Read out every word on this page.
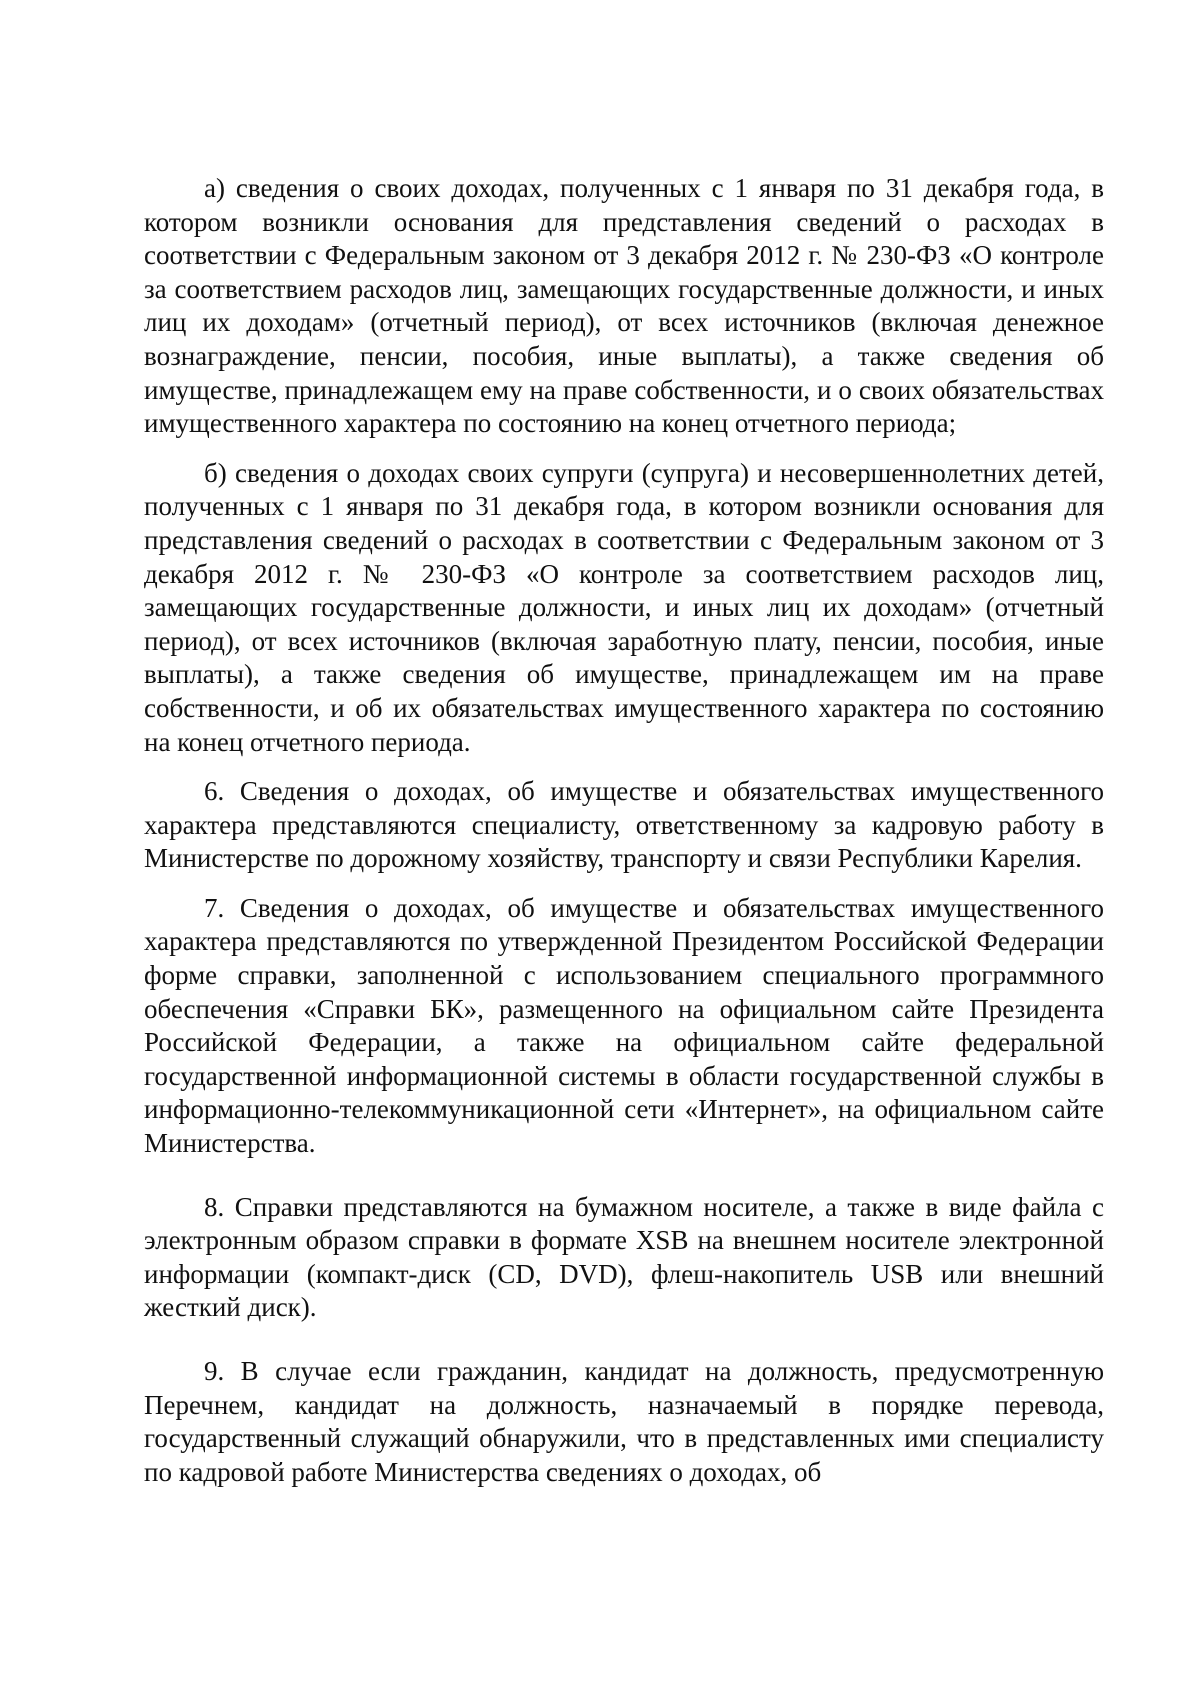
а) сведения о своих доходах, полученных с 1 января по 31 декабря года, в котором возникли основания для представления сведений о расходах в соответствии с Федеральным законом от 3 декабря 2012 г. № 230-ФЗ «О контроле за соответствием расходов лиц, замещающих государственные должности, и иных лиц их доходам» (отчетный период), от всех источников (включая денежное вознаграждение, пенсии, пособия, иные выплаты), а также сведения об имуществе, принадлежащем ему на праве собственности, и о своих обязательствах имущественного характера по состоянию на конец отчетного периода;

б) сведения о доходах своих супруги (супруга) и несовершеннолетних детей, полученных с 1 января по 31 декабря года, в котором возникли основания для представления сведений о расходах в соответствии с Федеральным законом от 3 декабря 2012 г. № 230-ФЗ «О контроле за соответствием расходов лиц, замещающих государственные должности, и иных лиц их доходам» (отчетный период), от всех источников (включая заработную плату, пенсии, пособия, иные выплаты), а также сведения об имуществе, принадлежащем им на праве собственности, и об их обязательствах имущественного характера по состоянию на конец отчетного периода.

6. Сведения о доходах, об имуществе и обязательствах имущественного характера представляются специалисту, ответственному за кадровую работу в Министерстве по дорожному хозяйству, транспорту и связи Республики Карелия.

7. Сведения о доходах, об имуществе и обязательствах имущественного характера представляются по утвержденной Президентом Российской Федерации форме справки, заполненной с использованием специального программного обеспечения «Справки БК», размещенного на официальном сайте Президента Российской Федерации, а также на официальном сайте федеральной государственной информационной системы в области государственной службы в информационно-телекоммуникационной сети «Интернет», на официальном сайте Министерства.

8. Справки представляются на бумажном носителе, а также в виде файла с электронным образом справки в формате XSB на внешнем носителе электронной информации (компакт-диск (CD, DVD), флеш-накопитель USB или внешний жесткий диск).

9. В случае если гражданин, кандидат на должность, предусмотренную Перечнем, кандидат на должность, назначаемый в порядке перевода, государственный служащий обнаружили, что в представленных ими специалисту по кадровой работе Министерства сведениях о доходах, об
